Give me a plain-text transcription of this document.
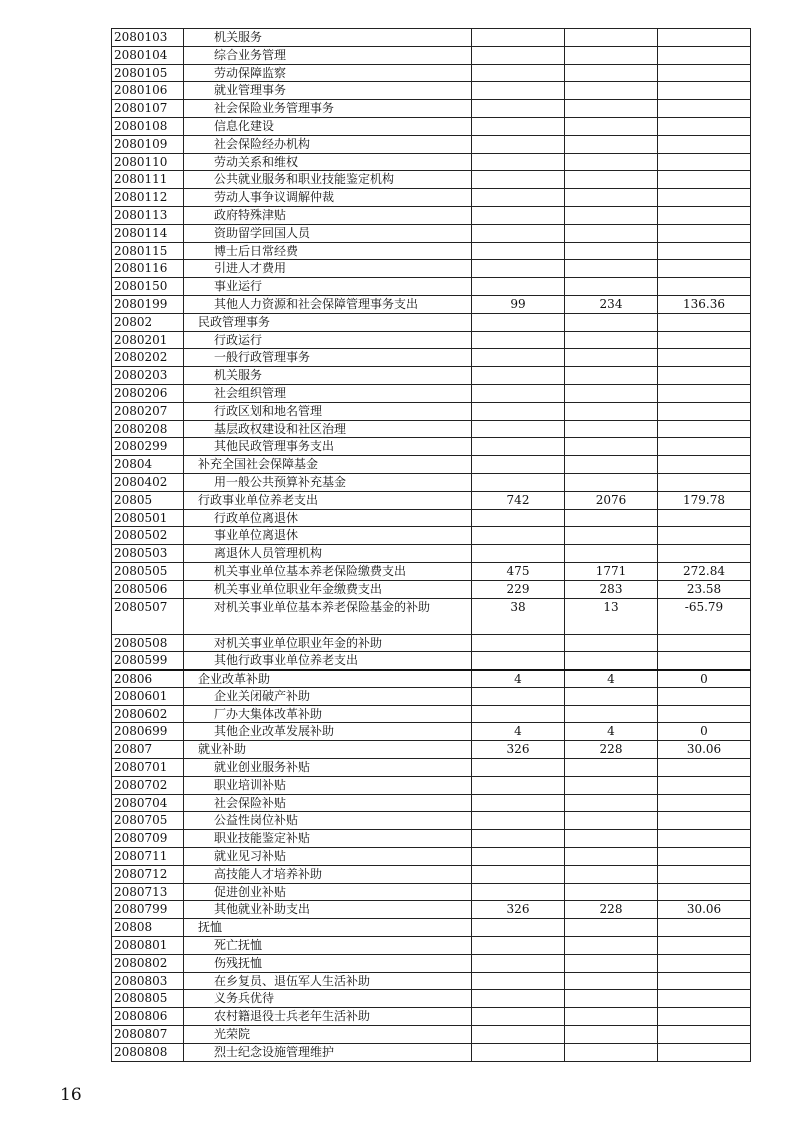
2080103	机关服务			
2080104	综合业务管理			
2080105	劳动保障监察			
2080106	就业管理事务			
2080107	社会保险业务管理事务			
2080108	信息化建设			
2080109	社会保险经办机构			
2080110	劳动关系和维权			
2080111	公共就业服务和职业技能鉴定机构			
2080112	劳动人事争议调解仲裁			
2080113	政府特殊津贴			
2080114	资助留学回国人员			
2080115	博士后日常经费			
2080116	引进人才费用			
2080150	事业运行			
2080199	其他人力资源和社会保障管理事务支出	99	234	136.36
20802	民政管理事务			
2080201	行政运行			
2080202	一般行政管理事务			
2080203	机关服务			
2080206	社会组织管理			
2080207	行政区划和地名管理			
2080208	基层政权建设和社区治理			
2080299	其他民政管理事务支出			
20804	补充全国社会保障基金			
2080402	用一般公共预算补充基金			
20805	行政事业单位养老支出	742	2076	179.78
2080501	行政单位离退休			
2080502	事业单位离退休			
2080503	离退休人员管理机构			
2080505	机关事业单位基本养老保险缴费支出	475	1771	272.84
2080506	机关事业单位职业年金缴费支出	229	283	23.58
2080507	对机关事业单位基本养老保险基金的补助	38	13	-65.79
2080508	对机关事业单位职业年金的补助			
2080599	其他行政事业单位养老支出			
20806	企业改革补助	4	4	0
2080601	企业关闭破产补助			
2080602	厂办大集体改革补助			
2080699	其他企业改革发展补助	4	4	0
20807	就业补助	326	228	30.06
2080701	就业创业服务补贴			
2080702	职业培训补贴			
2080704	社会保险补贴			
2080705	公益性岗位补贴			
2080709	职业技能鉴定补贴			
2080711	就业见习补贴			
2080712	高技能人才培养补助			
2080713	促进创业补贴			
2080799	其他就业补助支出	326	228	30.06
20808	抚恤			
2080801	死亡抚恤			
2080802	伤残抚恤			
2080803	在乡复员、退伍军人生活补助			
2080805	义务兵优待			
2080806	农村籍退役士兵老年生活补助			
2080807	光荣院			
2080808	烈士纪念设施管理维护			
16
